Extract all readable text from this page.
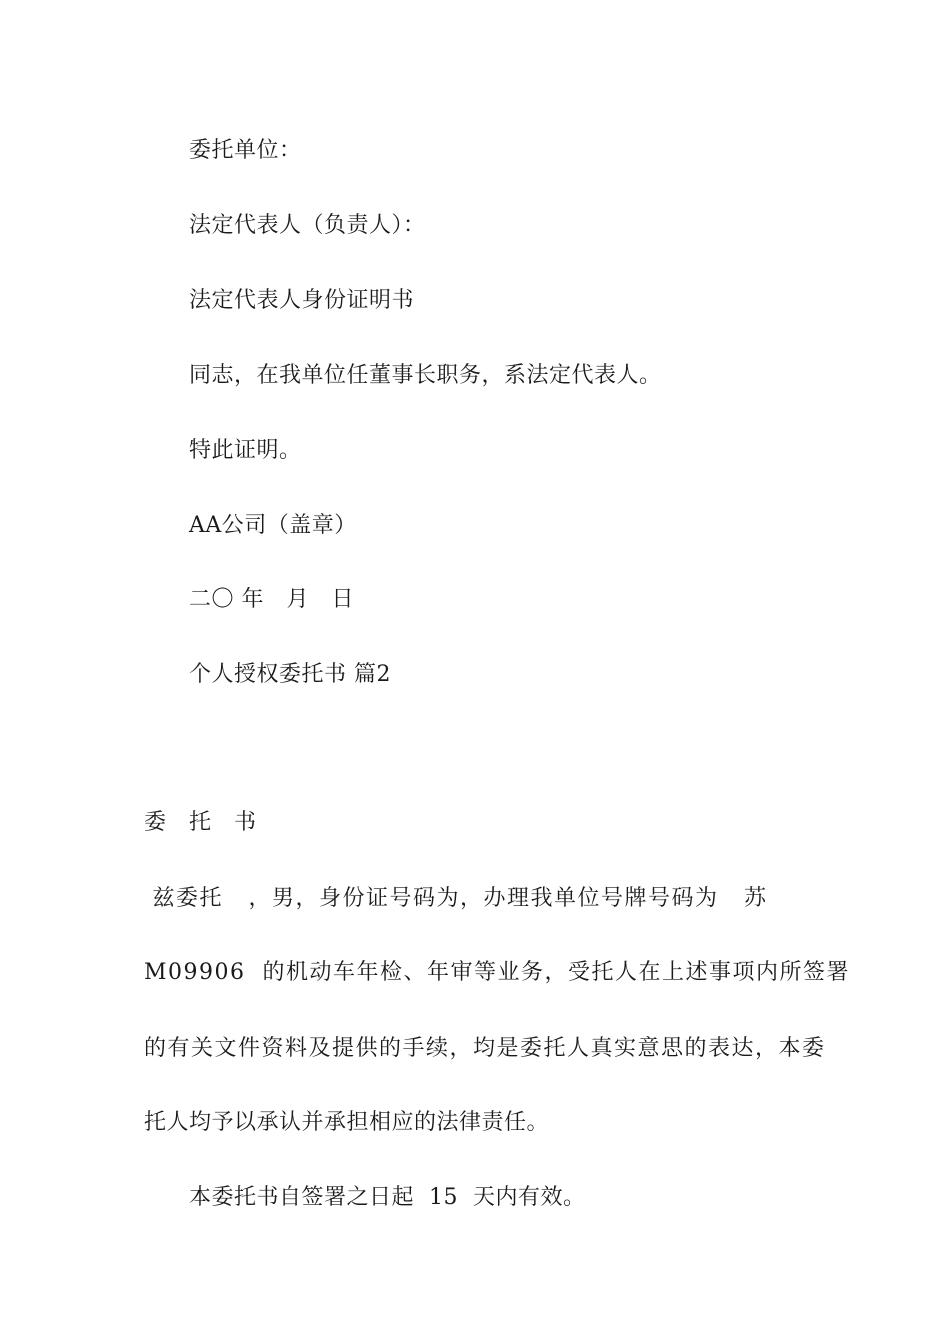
委托单位：
法定代表人（负责人）：
法定代表人身份证明书
同志，在我单位任董事长职务，系法定代表人。
特此证明。
AA公司（盖章）
二〇 年   月   日
个人授权委托书 篇2
委   托   书
兹委托   ，男，身份证号码为，办理我单位号牌号码为   苏
M09906  的机动车年检、年审等业务，受托人在上述事项内所签署
的有关文件资料及提供的手续，均是委托人真实意思的表达，本委
托人均予以承认并承担相应的法律责任。
本委托书自签署之日起  15  天内有效。
